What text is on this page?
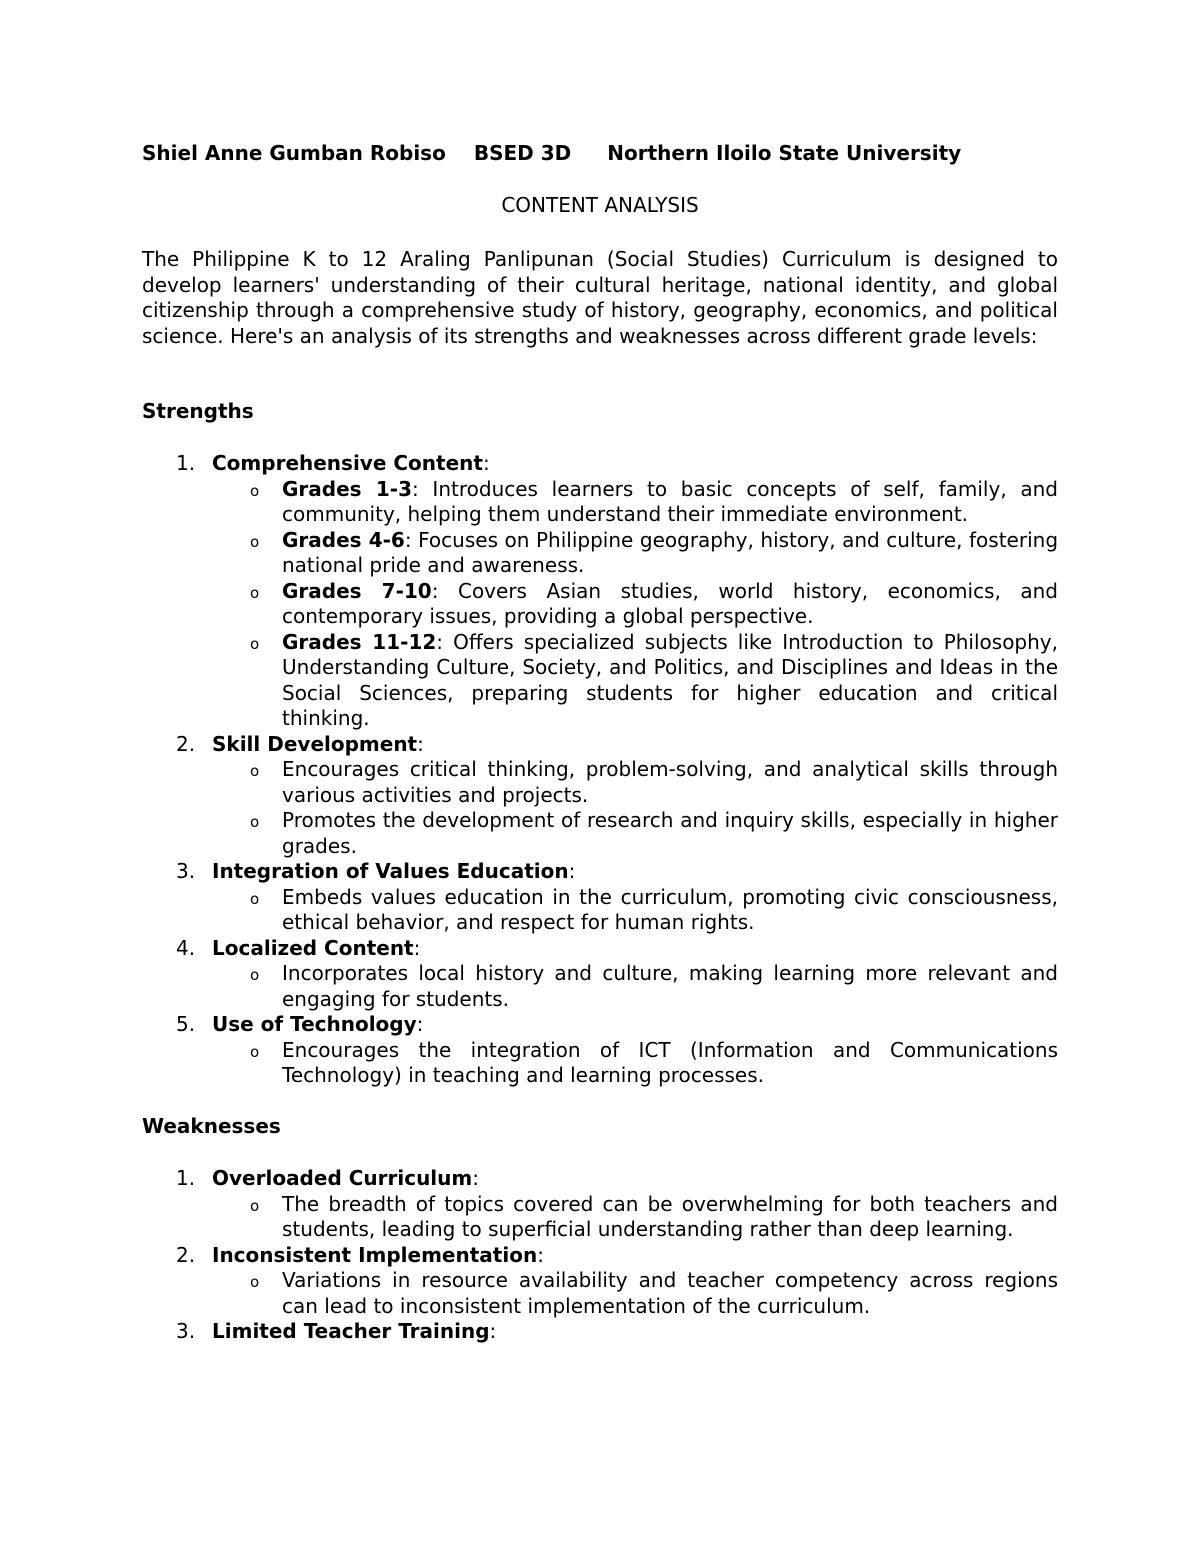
Shiel Anne Gumban Robiso BSED 3D Northern Iloilo State University
CONTENT ANALYSIS
The Philippine K to 12 Araling Panlipunan (Social Studies) Curriculum is designed to develop learners' understanding of their cultural heritage, national identity, and global citizenship through a comprehensive study of history, geography, economics, and political science. Here's an analysis of its strengths and weaknesses across different grade levels:
Strengths
1. Comprehensive Content:
o Grades 1-3: Introduces learners to basic concepts of self, family, and community, helping them understand their immediate environment.
o Grades 4-6: Focuses on Philippine geography, history, and culture, fostering national pride and awareness.
o Grades 7-10: Covers Asian studies, world history, economics, and contemporary issues, providing a global perspective.
o Grades 11-12: Offers specialized subjects like Introduction to Philosophy, Understanding Culture, Society, and Politics, and Disciplines and Ideas in the Social Sciences, preparing students for higher education and critical thinking.
2. Skill Development:
o Encourages critical thinking, problem-solving, and analytical skills through various activities and projects.
o Promotes the development of research and inquiry skills, especially in higher grades.
3. Integration of Values Education:
o Embeds values education in the curriculum, promoting civic consciousness, ethical behavior, and respect for human rights.
4. Localized Content:
o Incorporates local history and culture, making learning more relevant and engaging for students.
5. Use of Technology:
o Encourages the integration of ICT (Information and Communications Technology) in teaching and learning processes.
Weaknesses
1. Overloaded Curriculum:
o The breadth of topics covered can be overwhelming for both teachers and students, leading to superficial understanding rather than deep learning.
2. Inconsistent Implementation:
o Variations in resource availability and teacher competency across regions can lead to inconsistent implementation of the curriculum.
3. Limited Teacher Training:
